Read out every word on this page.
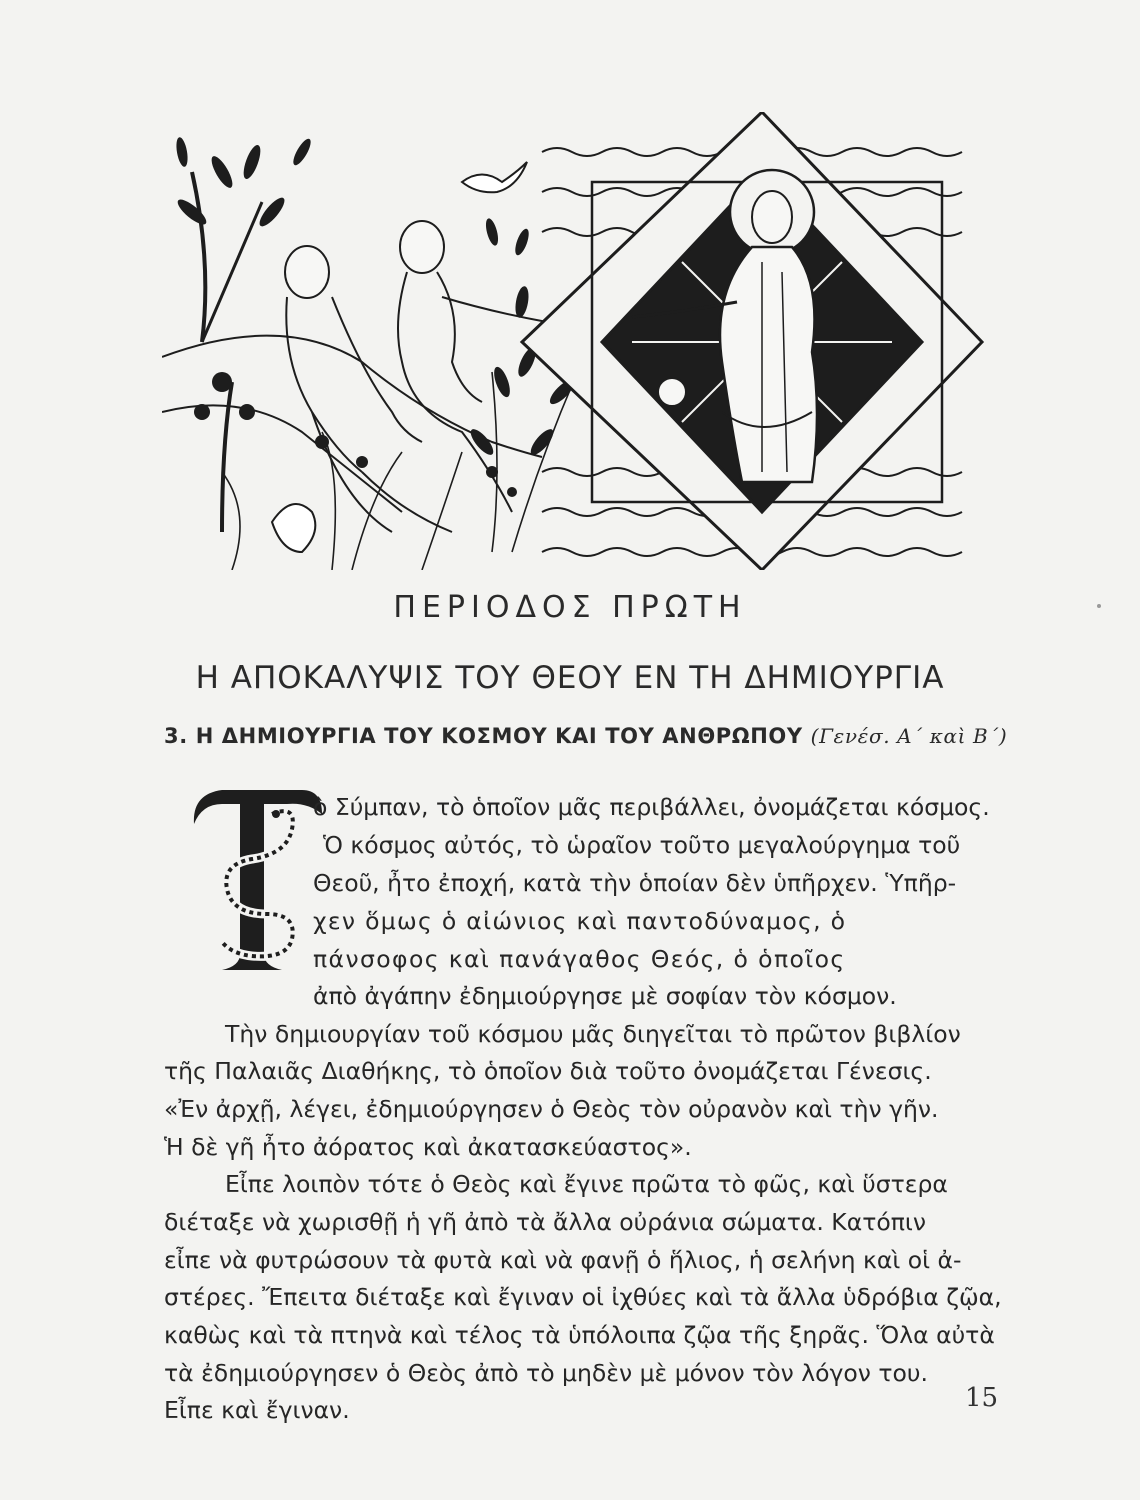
ΠΕΡΙΟΔΟΣ ΠΡΩΤΗ
Η ΑΠΟΚΑΛΥΨΙΣ ΤΟΥ ΘΕΟΥ ΕΝ ΤΗ ΔΗΜΙΟΥΡΓΙΑ
3. Η ΔΗΜΙΟΥΡΓΙΑ ΤΟΥ ΚΟΣΜΟΥ ΚΑΙ ΤΟΥ ΑΝΘΡΩΠΟΥ (Γενέσ. Α΄ καὶ Β΄)
Τ
ὸ Σύμπαν, τὸ ὁποῖον μᾶς περιβάλλει, ὀνομάζεται κόσμος.
Ὁ κόσμος αὐτός, τὸ ὡραῖον τοῦτο μεγαλούργημα τοῦ
Θεοῦ, ἦτο ἐποχή, κατὰ τὴν ὁποίαν δὲν ὑπῆρχεν. Ὑπῆρ-
χεν ὅμως ὁ αἰώνιος καὶ παντοδύναμος, ὁ
πάνσοφος καὶ πανάγαθος Θεός, ὁ ὁποῖος
ἀπὸ ἀγάπην ἐδημιούργησε μὲ σοφίαν τὸν κόσμον.
Τὴν δημιουργίαν τοῦ κόσμου μᾶς διηγεῖται τὸ πρῶτον βιβλίον
τῆς Παλαιᾶς Διαθήκης, τὸ ὁποῖον διὰ τοῦτο ὀνομάζεται Γένεσις.
«Ἐν ἀρχῇ, λέγει, ἐδημιούργησεν ὁ Θεὸς τὸν οὐρανὸν καὶ τὴν γῆν.
Ἡ δὲ γῆ ἦτο ἀόρατος καὶ ἀκατασκεύαστος».
Εἶπε λοιπὸν τότε ὁ Θεὸς καὶ ἔγινε πρῶτα τὸ φῶς, καὶ ὕστερα
διέταξε νὰ χωρισθῇ ἡ γῆ ἀπὸ τὰ ἄλλα οὐράνια σώματα. Κατόπιν
εἶπε νὰ φυτρώσουν τὰ φυτὰ καὶ νὰ φανῇ ὁ ἥλιος, ἡ σελήνη καὶ οἱ ἀ-
στέρες. Ἔπειτα διέταξε καὶ ἔγιναν οἱ ἰχθύες καὶ τὰ ἄλλα ὑδρόβια ζῷα,
καθὼς καὶ τὰ πτηνὰ καὶ τέλος τὰ ὑπόλοιπα ζῷα τῆς ξηρᾶς. Ὅλα αὐτὰ
τὰ ἐδημιούργησεν ὁ Θεὸς ἀπὸ τὸ μηδὲν μὲ μόνον τὸν λόγον του.
Εἶπε καὶ ἔγιναν.	15
